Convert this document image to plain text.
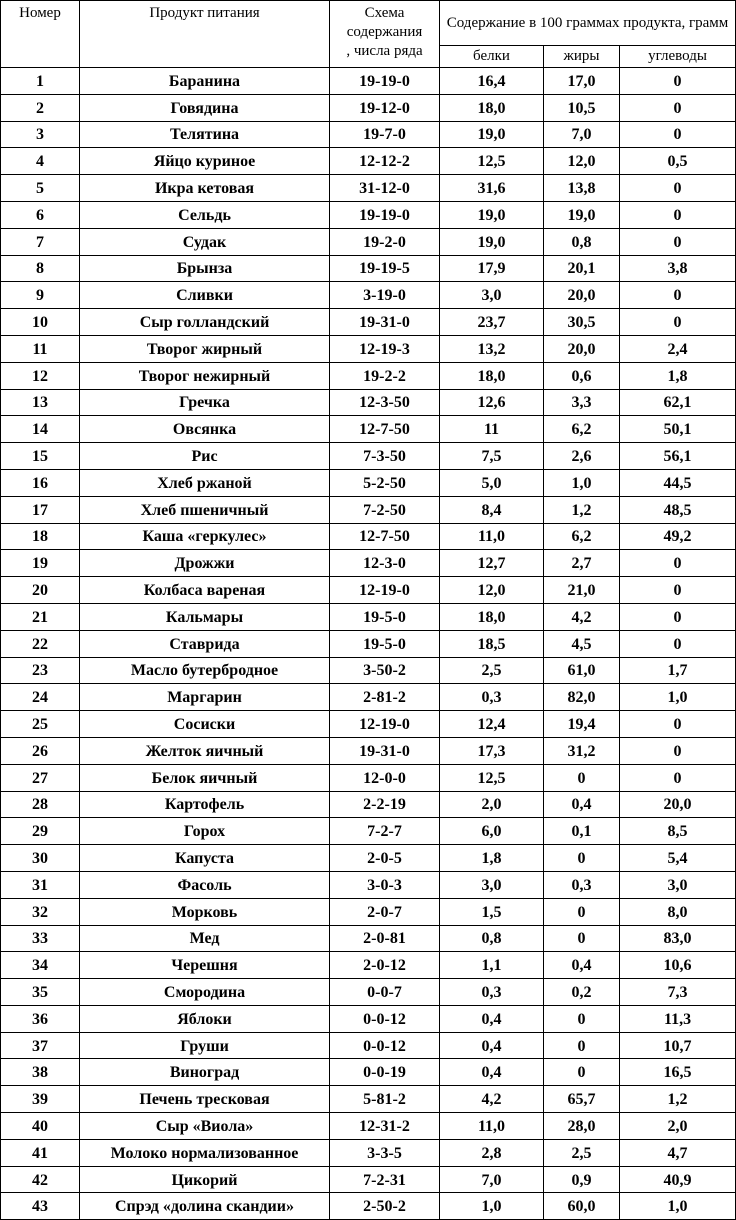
Номер	Продукт питания	Схема
содержания
, числа ряда	Содержание в 100 граммах продукта, грамм		
			белки	жиры	углеводы
1	Баранина	19-19-0	16,4	17,0	0
2	Говядина	19-12-0	18,0	10,5	0
3	Телятина	19-7-0	19,0	7,0	0
4	Яйцо куриное	12-12-2	12,5	12,0	0,5
5	Икра кетовая	31-12-0	31,6	13,8	0
6	Сельдь	19-19-0	19,0	19,0	0
7	Судак	19-2-0	19,0	0,8	0
8	Брынза	19-19-5	17,9	20,1	3,8
9	Сливки	3-19-0	3,0	20,0	0
10	Сыр голландский	19-31-0	23,7	30,5	0
11	Творог жирный	12-19-3	13,2	20,0	2,4
12	Творог нежирный	19-2-2	18,0	0,6	1,8
13	Гречка	12-3-50	12,6	3,3	62,1
14	Овсянка	12-7-50	11	6,2	50,1
15	Рис	7-3-50	7,5	2,6	56,1
16	Хлеб ржаной	5-2-50	5,0	1,0	44,5
17	Хлеб пшеничный	7-2-50	8,4	1,2	48,5
18	Каша «геркулес»	12-7-50	11,0	6,2	49,2
19	Дрожжи	12-3-0	12,7	2,7	0
20	Колбаса вареная	12-19-0	12,0	21,0	0
21	Кальмары	19-5-0	18,0	4,2	0
22	Ставрида	19-5-0	18,5	4,5	0
23	Масло бутербродное	3-50-2	2,5	61,0	1,7
24	Маргарин	2-81-2	0,3	82,0	1,0
25	Сосиски	12-19-0	12,4	19,4	0
26	Желток яичный	19-31-0	17,3	31,2	0
27	Белок яичный	12-0-0	12,5	0	0
28	Картофель	2-2-19	2,0	0,4	20,0
29	Горох	7-2-7	6,0	0,1	8,5
30	Капуста	2-0-5	1,8	0	5,4
31	Фасоль	3-0-3	3,0	0,3	3,0
32	Морковь	2-0-7	1,5	0	8,0
33	Мед	2-0-81	0,8	0	83,0
34	Черешня	2-0-12	1,1	0,4	10,6
35	Смородина	0-0-7	0,3	0,2	7,3
36	Яблоки	0-0-12	0,4	0	11,3
37	Груши	0-0-12	0,4	0	10,7
38	Виноград	0-0-19	0,4	0	16,5
39	Печень тресковая	5-81-2	4,2	65,7	1,2
40	Сыр «Виола»	12-31-2	11,0	28,0	2,0
41	Молоко нормализованное	3-3-5	2,8	2,5	4,7
42	Цикорий	7-2-31	7,0	0,9	40,9
43	Спрэд «долина скандии»	2-50-2	1,0	60,0	1,0
